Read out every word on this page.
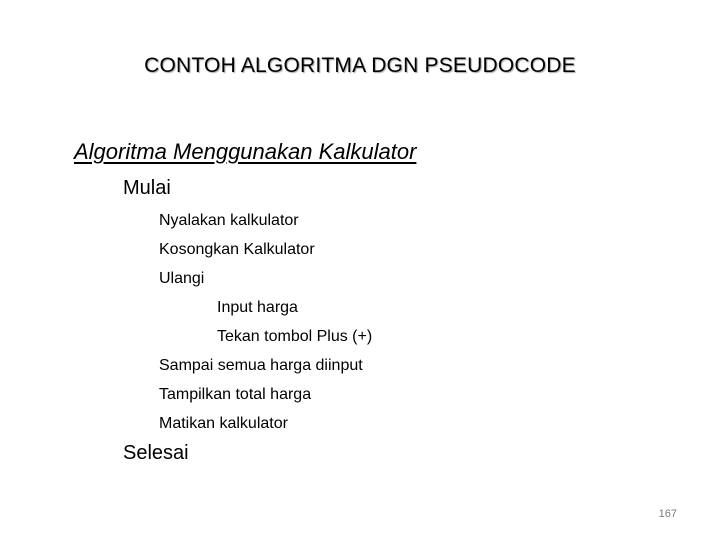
CONTOH ALGORITMA DGN PSEUDOCODE
Algoritma Menggunakan Kalkulator
Mulai
Nyalakan kalkulator
Kosongkan Kalkulator
Ulangi
Input harga
Tekan tombol Plus (+)
Sampai semua harga diinput
Tampilkan total harga
Matikan kalkulator
Selesai
167
